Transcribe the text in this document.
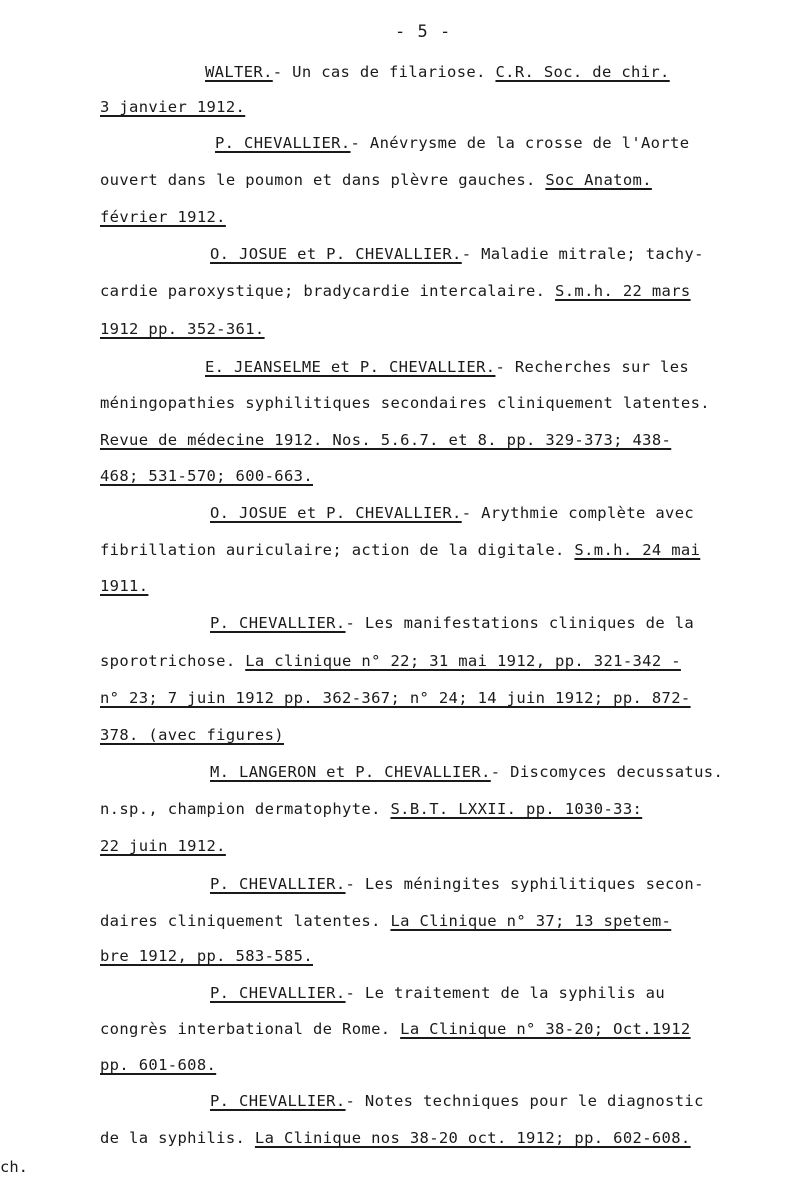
- 5 -
WALTER.- Un cas de filariose. C.R. Soc. de chir.
3 janvier 1912.
P. CHEVALLIER.- Anévrysme de la crosse de l'Aorte
ouvert dans le poumon et dans plèvre gauches. Soc Anatom.
février 1912.
O. JOSUE et P. CHEVALLIER.- Maladie mitrale; tachy-
cardie paroxystique; bradycardie intercalaire. S.m.h. 22 mars
1912 pp. 352-361.
E. JEANSELME et P. CHEVALLIER.- Recherches sur les
méningopathies syphilitiques secondaires cliniquement latentes.
Revue de médecine 1912. Nos. 5.6.7. et 8. pp. 329-373; 438-
468; 531-570; 600-663.
O. JOSUE et P. CHEVALLIER.- Arythmie complète avec
fibrillation auriculaire; action de la digitale. S.m.h. 24 mai
1911.
P. CHEVALLIER.- Les manifestations cliniques de la
sporotrichose. La clinique n° 22; 31 mai 1912, pp. 321-342 -
n° 23; 7 juin 1912 pp. 362-367; n° 24; 14 juin 1912; pp. 872-
378. (avec figures)
M. LANGERON et P. CHEVALLIER.- Discomyces decussatus.
n.sp., champion dermatophyte. S.B.T. LXXII. pp. 1030-33:
22 juin 1912.
P. CHEVALLIER.- Les méningites syphilitiques secon-
daires cliniquement latentes. La Clinique n° 37; 13 spetem-
bre 1912, pp. 583-585.
P. CHEVALLIER.- Le traitement de la syphilis au
congrès interbational de Rome. La Clinique n° 38-20; Oct.1912
pp. 601-608.
P. CHEVALLIER.- Notes techniques pour le diagnostic
de la syphilis. La Clinique nos 38-20 oct. 1912; pp. 602-608.
ch.
